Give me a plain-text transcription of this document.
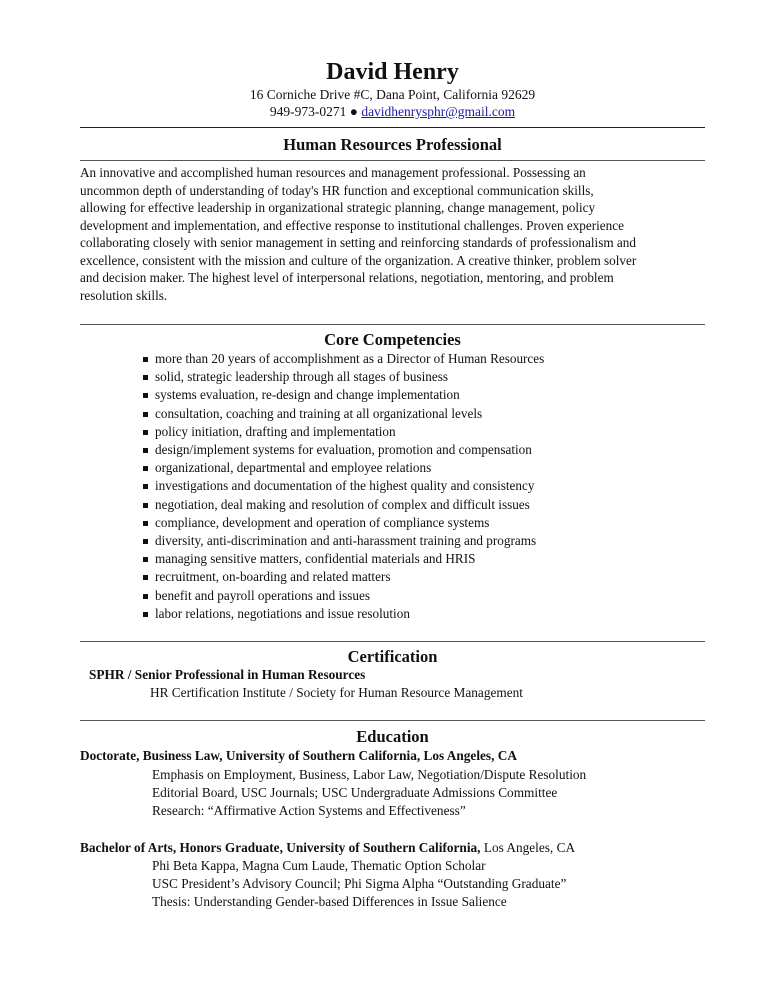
David Henry
16 Corniche Drive #C, Dana Point, California 92629
949-973-0271 ● davidhenrysphr@gmail.com
Human Resources Professional

An innovative and accomplished human resources and management professional. Possessing an
uncommon depth of understanding of today's HR function and exceptional communication skills,
allowing for effective leadership in organizational strategic planning, change management, policy
development and implementation, and effective response to institutional challenges. Proven experience
collaborating closely with senior management in setting and reinforcing standards of professionalism and
excellence, consistent with the mission and culture of the organization. A creative thinker, problem solver
and decision maker. The highest level of interpersonal relations, negotiation, mentoring, and problem
resolution skills.

Core Competencies
more than 20 years of accomplishment as a Director of Human Resources
solid, strategic leadership through all stages of business
systems evaluation, re-design and change implementation
consultation, coaching and training at all organizational levels
policy initiation, drafting and implementation
design/implement systems for evaluation, promotion and compensation
organizational, departmental and employee relations
investigations and documentation of the highest quality and consistency
negotiation, deal making and resolution of complex and difficult issues
compliance, development and operation of compliance systems
diversity, anti-discrimination and anti-harassment training and programs
managing sensitive matters, confidential materials and HRIS
recruitment, on-boarding and related matters
benefit and payroll operations and issues
labor relations, negotiations and issue resolution
Certification
SPHR / Senior Professional in Human Resources
HR Certification Institute / Society for Human Resource Management
Education
Doctorate, Business Law, University of Southern California, Los Angeles, CA
Emphasis on Employment, Business, Labor Law, Negotiation/Dispute Resolution
Editorial Board, USC Journals; USC Undergraduate Admissions Committee
Research: “Affirmative Action Systems and Effectiveness”
Bachelor of Arts, Honors Graduate, University of Southern California, Los Angeles, CA
Phi Beta Kappa, Magna Cum Laude, Thematic Option Scholar
USC President’s Advisory Council; Phi Sigma Alpha “Outstanding Graduate”
Thesis: Understanding Gender-based Differences in Issue Salience
